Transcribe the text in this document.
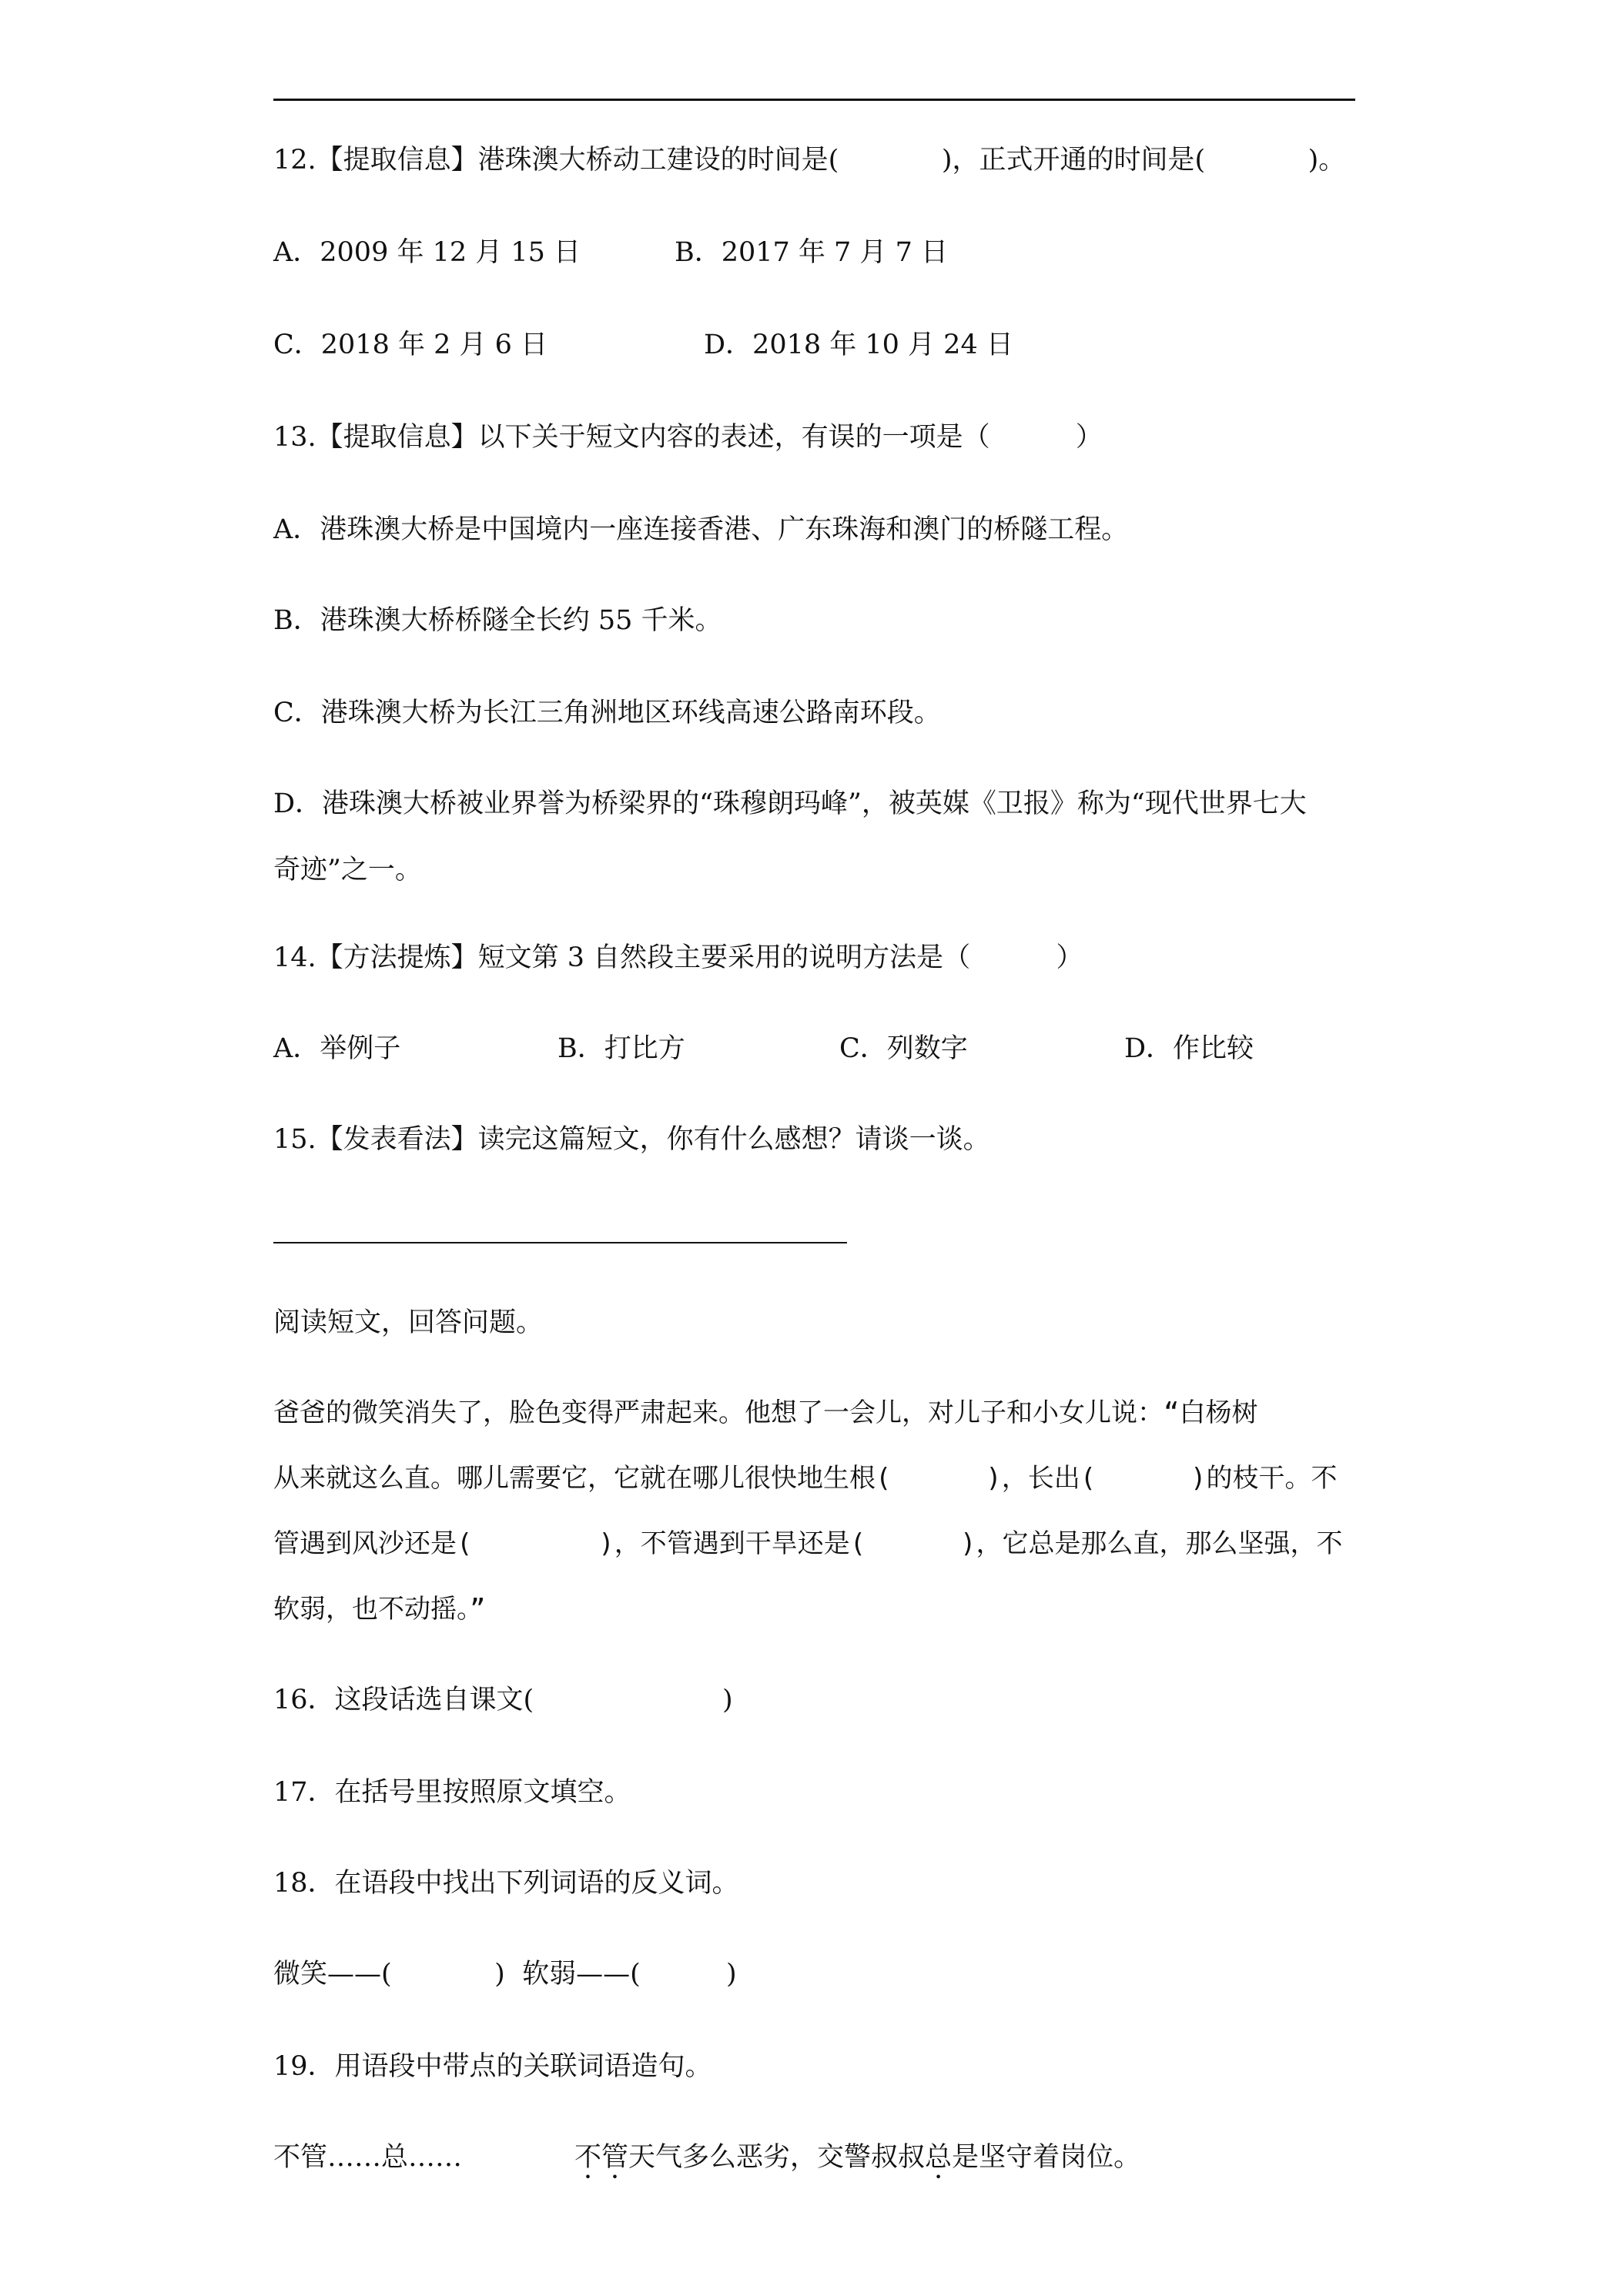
12.【提取信息】港珠澳大桥动工建设的时间是(            )，正式开通的时间是(            )。
A．2009 年 12 月 15 日	B．2017 年 7 月 7 日
C．2018 年 2 月 6 日	D．2018 年 10 月 24 日
13.【提取信息】以下关于短文内容的表述，有误的一项是（          ）
A．港珠澳大桥是中国境内一座连接香港、广东珠海和澳门的桥隧工程。
B．港珠澳大桥桥隧全长约 55 千米。
C．港珠澳大桥为长江三角洲地区环线高速公路南环段。
D．港珠澳大桥被业界誉为桥梁界的“珠穆朗玛峰”，被英媒《卫报》称为“现代世界七大
奇迹”之一。
14.【方法提炼】短文第 3 自然段主要采用的说明方法是（          ）
A．举例子	B．打比方	C．列数字	D．作比较
15.【发表看法】读完这篇短文，你有什么感想？请谈一谈。
阅读短文，回答问题。
爸爸的微笑消失了，脸色变得严肃起来。他想了一会儿，对儿子和小女儿说：“白杨树
从来就这么直。哪儿需要它，它就在哪儿很快地生根(      )，长出(      )的枝干。不
管遇到风沙还是(        )，不管遇到干旱还是(      )，它总是那么直，那么坚强，不
软弱，也不动摇。”
16．这段话选自课文(                      )
17．在括号里按照原文填空。
18．在语段中找出下列词语的反义词。
微笑——(            )  软弱——(          )
19．用语段中带点的关联词语造句。
不管……总……	不管天气多么恶劣，交警叔叔总是坚守着岗位。
